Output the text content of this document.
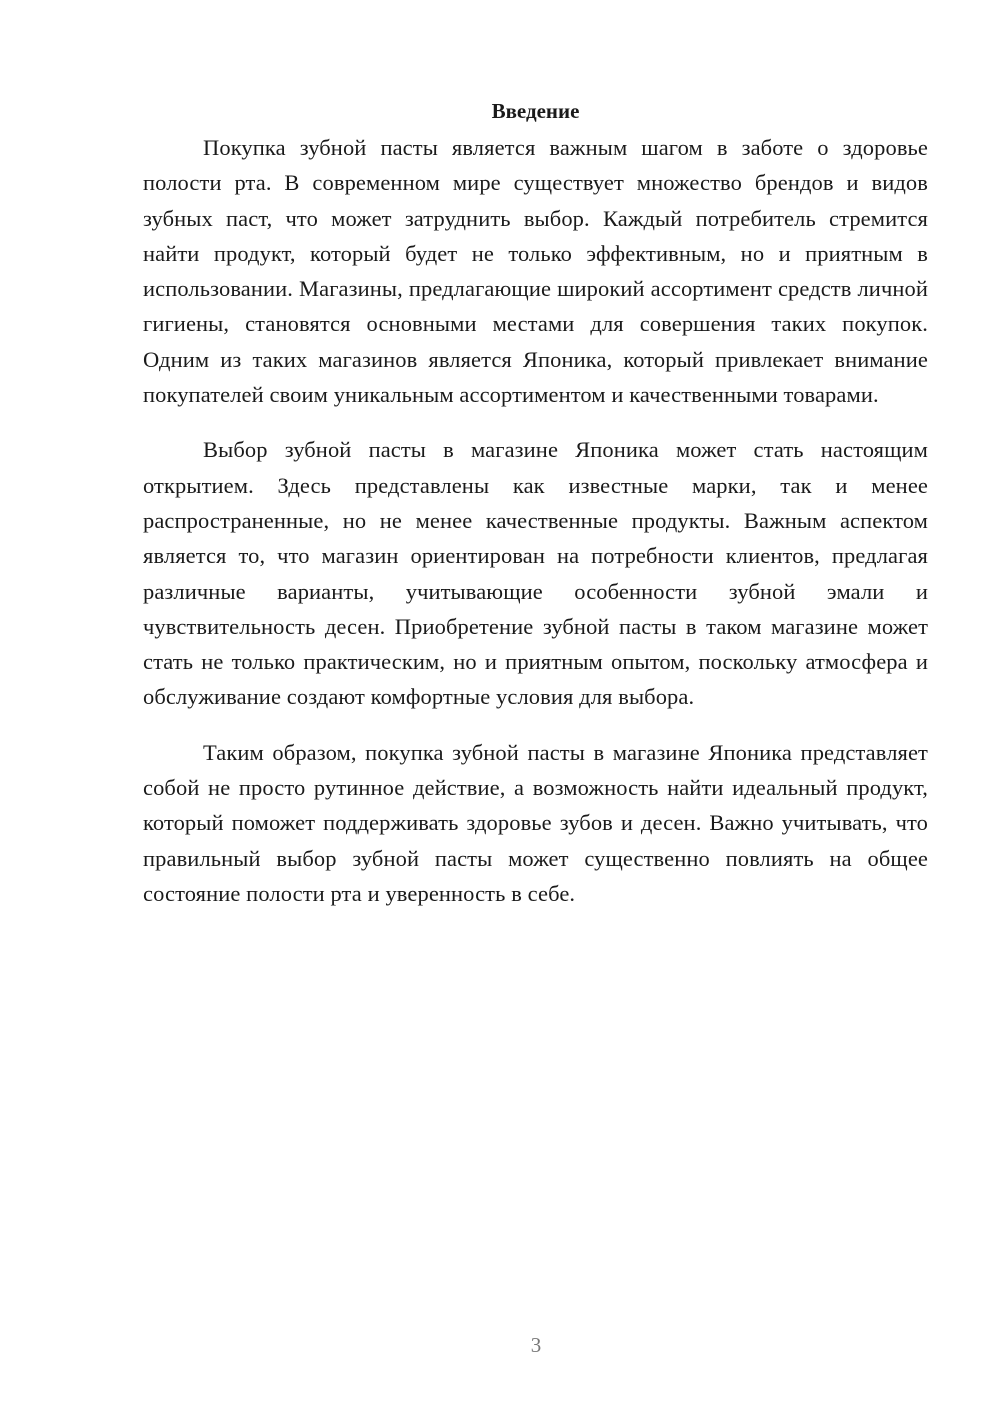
Введение

Покупка зубной пасты является важным шагом в заботе о здоровье полости рта. В современном мире существует множество брендов и видов зубных паст, что может затруднить выбор. Каждый потребитель стремится найти продукт, который будет не только эффективным, но и приятным в использовании. Магазины, предлагающие широкий ассортимент средств личной гигиены, становятся основными местами для совершения таких покупок. Одним из таких магазинов является Японика, который привлекает внимание покупателей своим уникальным ассортиментом и качественными товарами.

Выбор зубной пасты в магазине Японика может стать настоящим открытием. Здесь представлены как известные марки, так и менее распространенные, но не менее качественные продукты. Важным аспектом является то, что магазин ориентирован на потребности клиентов, предлагая различные варианты, учитывающие особенности зубной эмали и чувствительность десен. Приобретение зубной пасты в таком магазине может стать не только практическим, но и приятным опытом, поскольку атмосфера и обслуживание создают комфортные условия для выбора.

Таким образом, покупка зубной пасты в магазине Японика представляет собой не просто рутинное действие, а возможность найти идеальный продукт, который поможет поддерживать здоровье зубов и десен. Важно учитывать, что правильный выбор зубной пасты может существенно повлиять на общее состояние полости рта и уверенность в себе.

3
